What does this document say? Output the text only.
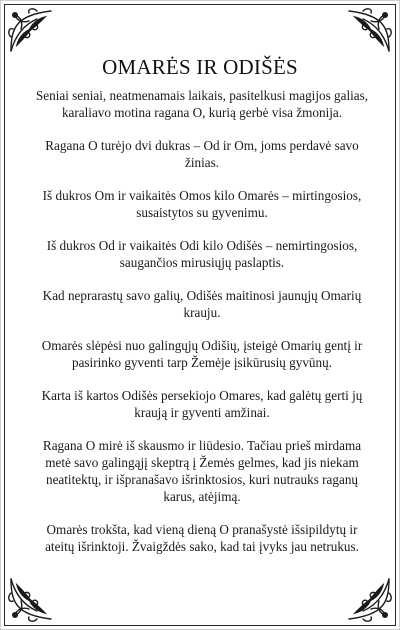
OMARĖS IR ODIŠĖS

Seniai seniai, neatmenamais laikais, pasitelkusi magijos galias, karaliavo motina ragana O, kurią gerbė visa žmonija.

Ragana O turėjo dvi dukras – Od ir Om, joms perdavė savo žinias.

Iš dukros Om ir vaikaitės Omos kilo Omarės – mirtingosios, susaistytos su gyvenimu.

Iš dukros Od ir vaikaitės Odi kilo Odišės – nemirtingosios, saugančios mirusiųjų paslaptis.

Kad neprarastų savo galių, Odišės maitinosi jaunųjų Omarių krauju.

Omarės slėpėsi nuo galingųjų Odišių, įsteigė Omarių gentį ir pasirinko gyventi tarp Žemėje įsikūrusių gyvūnų.

Karta iš kartos Odišės persekiojo Omares, kad galėtų gerti jų kraują ir gyventi amžinai.

Ragana O mirė iš skausmo ir liūdesio. Tačiau prieš mirdama metė savo galingąjį skeptrą į Žemės gelmes, kad jis niekam neatitektų, ir išpranašavo išrinktosios, kuri nutrauks raganų karus, atėjimą.

Omarės trokšta, kad vieną dieną O pranašystė išsipildytų ir ateitų išrinktoji. Žvaigždės sako, kad tai įvyks jau netrukus.
